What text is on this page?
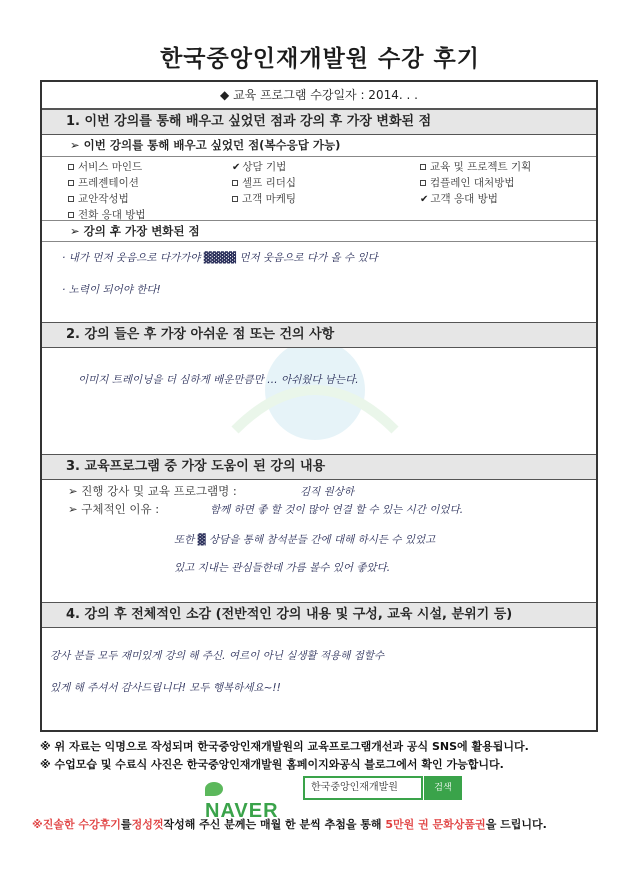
한국중앙인재개발원 수강 후기
◆ 교육 프로그램 수강일자 : 2014. . .
1. 이번 강의를 통해 배우고 싶었던 점과 강의 후 가장 변화된 점
➢ 이번 강의를 통해 배우고 싶었던 점(복수응답 가능)
서비스 마인드	✔ 상담 기법	교육 및 프로젝트 기획
프레젠테이션	셀프 리더십	컴플레인 대처방법
교안작성법	고객 마케팅	✔ 고객 응대 방법
전화 응대 방법
➢ 강의 후 가장 변화된 점
· 내가 먼저 웃음으로 다가가야 ▓▓▓▓ 먼저 웃음으로 다가 올 수 있다
· 노력이 되어야 한다!
2. 강의 들은 후 가장 아쉬운 점 또는 건의 사항
이미지 트레이닝을 더 심하게 배운만큼만 … 아쉬웠다 남는다.
3. 교육프로그램 중 가장 도움이 된 강의 내용
➢ 진행 강사 및 교육 프로그램명 :	김직 원상하
➢ 구체적인 이유 :	함께 하면 좋 할 것이 많아 연결 할 수 있는 시간 이었다.
또한 ▓ 상담을 통해 참석분들 간에 대해 하시든 수 있었고
있고 지내는 관심들한데 가름 볼수 있어 좋았다.
4. 강의 후 전체적인 소감 (전반적인 강의 내용 및 구성, 교육 시설, 분위기 등)
강사 분들 모두 재미있게 강의 해 주신. 여르이 아닌 실생활 적용해 접할수
있게 해 주셔서 감사드립니다! 모두 행복하세요~!!
※ 위 자료는 익명으로 작성되며 한국중앙인재개발원의 교육프로그램개선과 공식 SNS에 활용됩니다.
※ 수업모습 및 수료식 사진은 한국중앙인재개발원 홈페이지와공식 블로그에서 확인 가능합니다.
NAVER
한국중앙인재개발원	검색
※진솔한 수강후기를정성껏작성해 주신 분께는 매월 한 분씩 추첨을 통해 5만원 권 문화상품권을 드립니다.
